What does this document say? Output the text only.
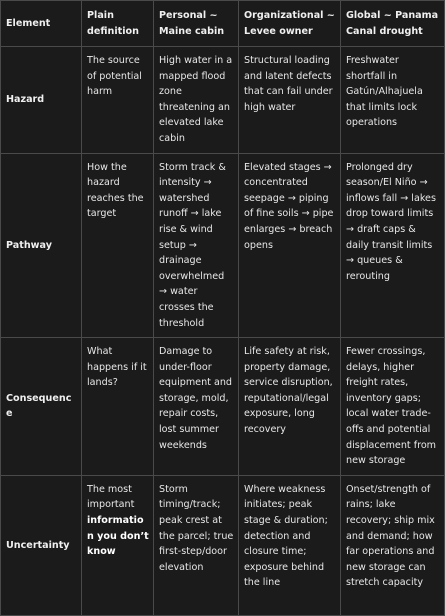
Element	Plain definition	Personal ~ Maine cabin	Organizational ~ Levee owner	Global ~ Panama Canal drought
Hazard	The source of potential harm	High water in a mapped flood zone threatening an elevated lake cabin	Structural loading and latent defects that can fail under high water	Freshwater shortfall in Gatún/Alhajuela that limits lock operations
Pathway	How the hazard reaches the target	Storm track & intensity → watershed runoff → lake rise & wind setup → drainage overwhelmed → water crosses the threshold	Elevated stages → concentrated seepage → piping of fine soils → pipe enlarges → breach opens	Prolonged dry season/El Niño → inflows fall → lakes drop toward limits → draft caps & daily transit limits → queues & rerouting
Consequence	What happens if it lands?	Damage to under-floor equipment and storage, mold, repair costs, lost summer weekends	Life safety at risk, property damage, service disruption, reputational/legal exposure, long recovery	Fewer crossings, delays, higher freight rates, inventory gaps; local water trade-offs and potential displacement from new storage
Uncertainty	The most important information you don’t know	Storm timing/track; peak crest at the parcel; true first-step/door elevation	Where weakness initiates; peak stage & duration; detection and closure time; exposure behind the line	Onset/strength of rains; lake recovery; ship mix and demand; how far operations and new storage can stretch capacity
